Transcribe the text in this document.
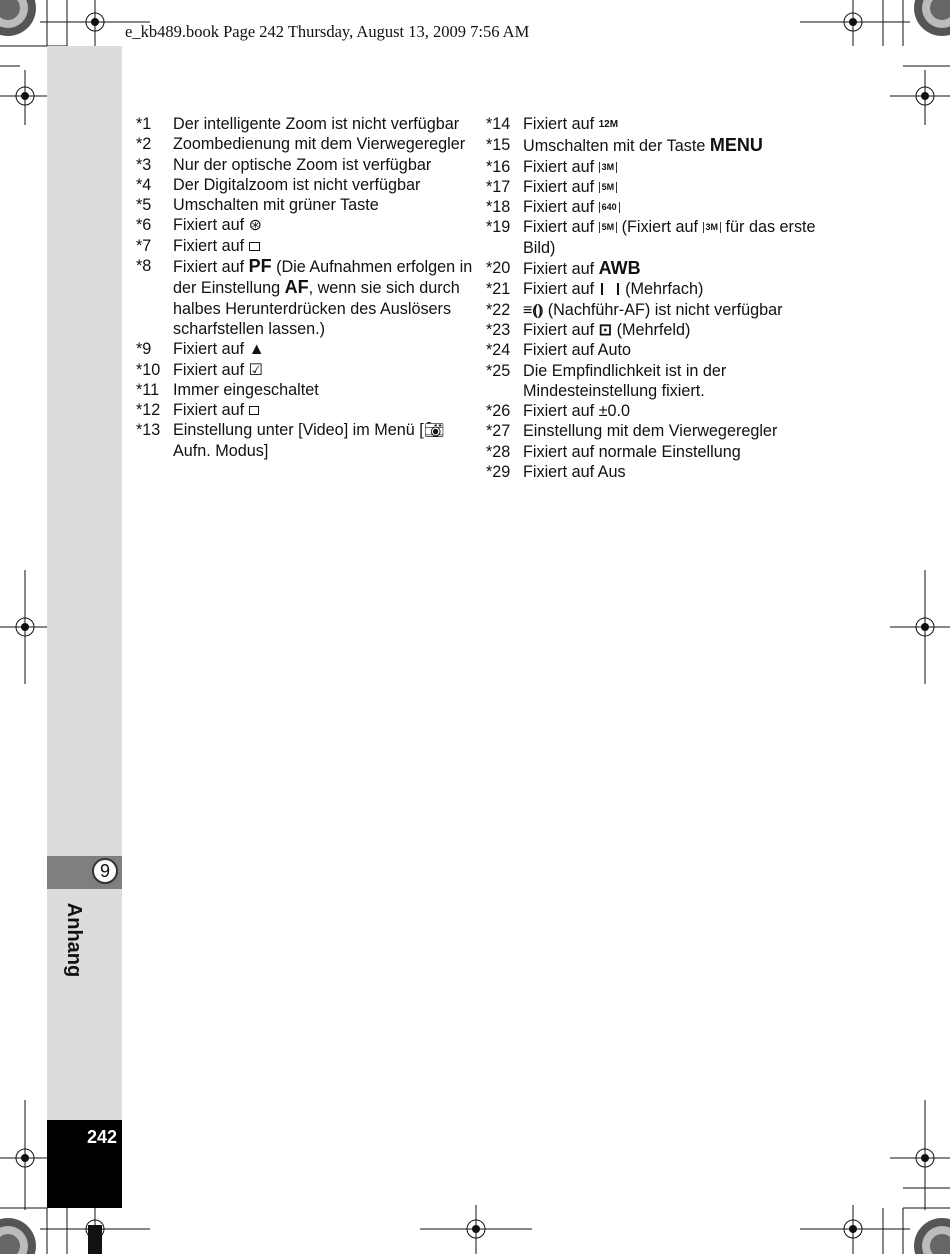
e_kb489.book Page 242 Thursday, August 13, 2009 7:56 AM
9
Anhang
242
*1 Der intelligente Zoom ist nicht verfügbar
*2 Zoombedienung mit dem Vierwegeregler
*3 Nur der optische Zoom ist verfügbar
*4 Der Digitalzoom ist nicht verfügbar
*5 Umschalten mit grüner Taste
*6 Fixiert auf ⊛
*7 Fixiert auf
*8 Fixiert auf PF (Die Aufnahmen erfolgen in der Einstellung AF, wenn sie sich durch halbes Herunterdrücken des Auslösers scharfstellen lassen.)
*9 Fixiert auf ▲
*10 Fixiert auf ☑
*11 Immer eingeschaltet
*12 Fixiert auf
*13 Einstellung unter [Video] im Menü [📷︎ Aufn. Modus]
*14 Fixiert auf 12M
*15 Umschalten mit der Taste MENU
*16 Fixiert auf 3M
*17 Fixiert auf 5M
*18 Fixiert auf 640
*19 Fixiert auf 5M (Fixiert auf 3M für das erste Bild)
*20 Fixiert auf AWB
*21 Fixiert auf  (Mehrfach)
*22 ≡⦅⦆ (Nachführ-AF) ist nicht verfügbar
*23 Fixiert auf ⊡ (Mehrfeld)
*24 Fixiert auf Auto
*25 Die Empfindlichkeit ist in der Mindesteinstellung fixiert.
*26 Fixiert auf ±0.0
*27 Einstellung mit dem Vierwegeregler
*28 Fixiert auf normale Einstellung
*29 Fixiert auf Aus
